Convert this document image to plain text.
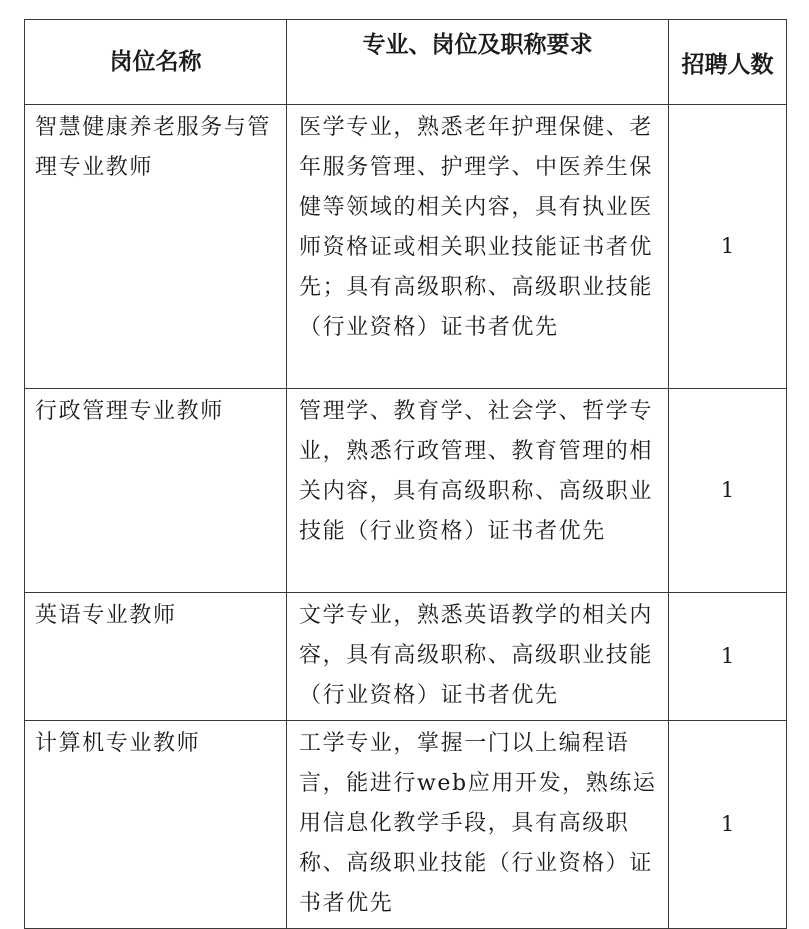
岗位名称	专业、岗位及职称要求	招聘人数
智慧健康养老服务与管理专业教师	医学专业，熟悉老年护理保健、老年服务管理、护理学、中医养生保健等领域的相关内容，具有执业医师资格证或相关职业技能证书者优先；具有高级职称、高级职业技能（行业资格）证书者优先	1
行政管理专业教师	管理学、教育学、社会学、哲学专业，熟悉行政管理、教育管理的相关内容，具有高级职称、高级职业技能（行业资格）证书者优先	1
英语专业教师	文学专业，熟悉英语教学的相关内容，具有高级职称、高级职业技能（行业资格）证书者优先	1
计算机专业教师	工学专业，掌握一门以上编程语言，能进行web应用开发，熟练运用信息化教学手段，具有高级职称、高级职业技能（行业资格）证书者优先	1
